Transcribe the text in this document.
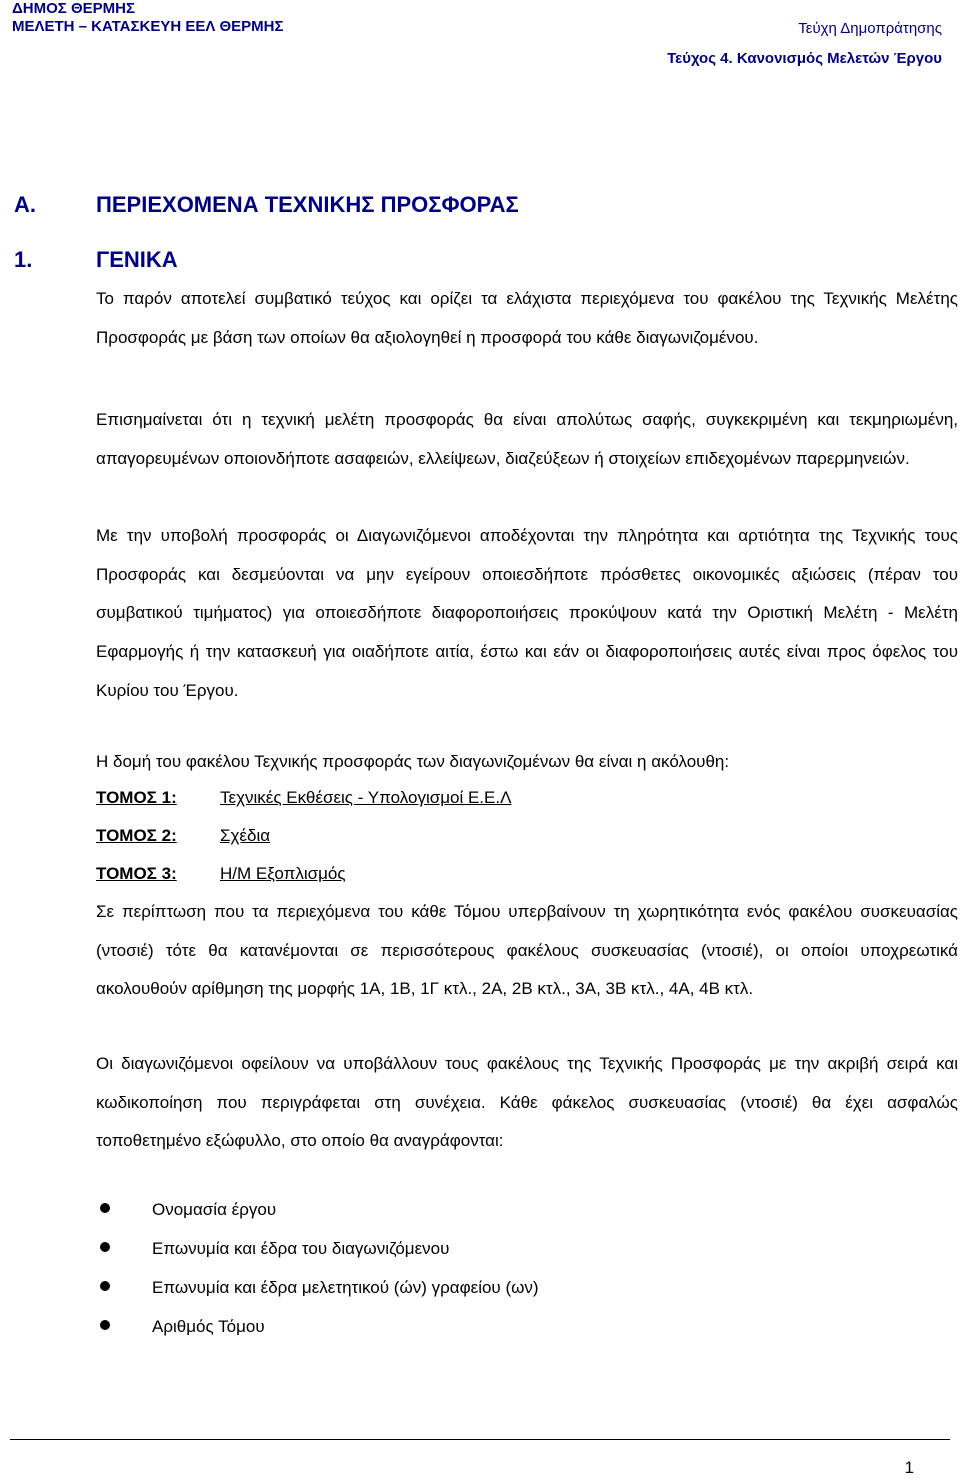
ΔΗΜΟΣ ΘΕΡΜΗΣ
ΜΕΛΕΤΗ – ΚΑΤΑΣΚΕΥΗ ΕΕΛ ΘΕΡΜΗΣ	Τεύχη Δημοπράτησης
Τεύχος 4. Κανονισμός Μελετών Έργου
Α.	ΠΕΡΙΕΧΟΜΕΝΑ ΤΕΧΝΙΚΗΣ ΠΡΟΣΦΟΡΑΣ
1.	ΓΕΝΙΚΑ

Το παρόν αποτελεί συμβατικό τεύχος και ορίζει τα ελάχιστα περιεχόμενα του φακέλου της Τεχνικής Μελέτης Προσφοράς με βάση των οποίων θα αξιολογηθεί η προσφορά του κάθε διαγωνιζομένου.

Επισημαίνεται ότι η τεχνική μελέτη προσφοράς θα είναι απολύτως σαφής, συγκεκριμένη και τεκμηριωμένη, απαγορευμένων οποιονδήποτε ασαφειών, ελλείψεων, διαζεύξεων ή στοιχείων επιδεχομένων παρερμηνειών.

Με την υποβολή προσφοράς οι Διαγωνιζόμενοι αποδέχονται την πληρότητα και αρτιότητα της Τεχνικής τους Προσφοράς και δεσμεύονται να μην εγείρουν οποιεσδήποτε πρόσθετες οικονομικές αξιώσεις (πέραν του συμβατικού τιμήματος) για οποιεσδήποτε διαφοροποιήσεις προκύψουν κατά την Οριστική Μελέτη - Μελέτη Εφαρμογής ή την κατασκευή για οιαδήποτε αιτία, έστω και εάν οι διαφοροποιήσεις αυτές είναι προς όφελος του Κυρίου του Έργου.

Η δομή του φακέλου Τεχνικής προσφοράς των διαγωνιζομένων θα είναι η ακόλουθη:

ΤΟΜΟΣ 1:	Τεχνικές Εκθέσεις - Υπολογισμοί Ε.Ε.Λ
ΤΟΜΟΣ 2:	Σχέδια
ΤΟΜΟΣ 3:	Η/Μ Εξοπλισμός

Σε περίπτωση που τα περιεχόμενα του κάθε Τόμου υπερβαίνουν τη χωρητικότητα ενός φακέλου συσκευασίας (ντοσιέ) τότε θα κατανέμονται σε περισσότερους φακέλους συσκευασίας (ντοσιέ), οι οποίοι υποχρεωτικά ακολουθούν αρίθμηση της μορφής 1Α, 1Β, 1Γ κτλ., 2Α, 2Β κτλ., 3Α, 3Β κτλ., 4Α, 4Β κτλ.

Οι διαγωνιζόμενοι οφείλουν να υποβάλλουν τους φακέλους της Τεχνικής Προσφοράς με την ακριβή σειρά και κωδικοποίηση που περιγράφεται στη συνέχεια. Κάθε φάκελος συσκευασίας (ντοσιέ) θα έχει ασφαλώς τοποθετημένο εξώφυλλο, στο οποίο θα αναγράφονται:

Ονομασία έργου
Επωνυμία και έδρα του διαγωνιζόμενου
Επωνυμία και έδρα μελετητικού (ών) γραφείου (ων)
Αριθμός Τόμου
1
